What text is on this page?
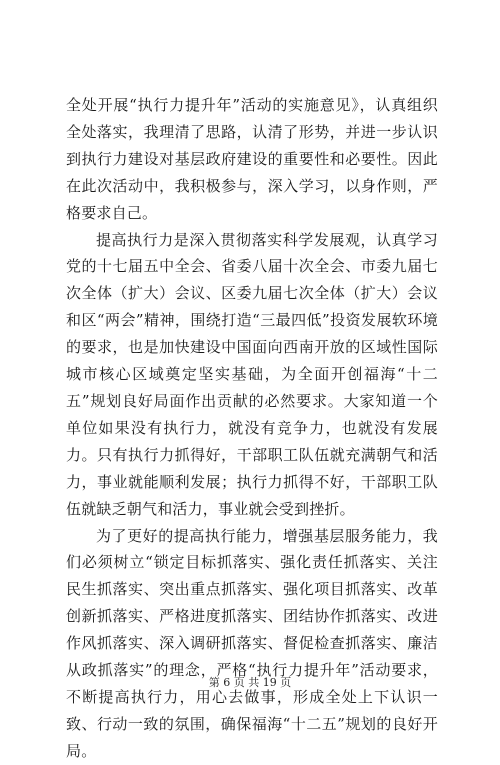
全处开展“执行力提升年”活动的实施意见》，认真组织全处落实，我理清了思路，认清了形势，并进一步认识到执行力建设对基层政府建设的重要性和必要性。因此在此次活动中，我积极参与，深入学习，以身作则，严格要求自己。

提高执行力是深入贯彻落实科学发展观，认真学习党的十七届五中全会、省委八届十次全会、市委九届七次全体（扩大）会议、区委九届七次全体（扩大）会议和区“两会”精神，围绕打造“三最四低”投资发展软环境的要求，也是加快建设中国面向西南开放的区域性国际城市核心区域奠定坚实基础，为全面开创福海“十二五”规划良好局面作出贡献的必然要求。大家知道一个单位如果没有执行力，就没有竞争力，也就没有发展力。只有执行力抓得好，干部职工队伍就充满朝气和活力，事业就能顺利发展；执行力抓得不好，干部职工队伍就缺乏朝气和活力，事业就会受到挫折。

为了更好的提高执行能力，增强基层服务能力，我们必须树立“锁定目标抓落实、强化责任抓落实、关注民生抓落实、突出重点抓落实、强化项目抓落实、改革创新抓落实、严格进度抓落实、团结协作抓落实、改进作风抓落实、深入调研抓落实、督促检查抓落实、廉洁从政抓落实”的理念，严格“执行力提升年”活动要求，不断提高执行力，用心去做事，形成全处上下认识一致、行动一致的氛围，确保福海“十二五”规划的良好开局。

第 6 页 共 19 页
